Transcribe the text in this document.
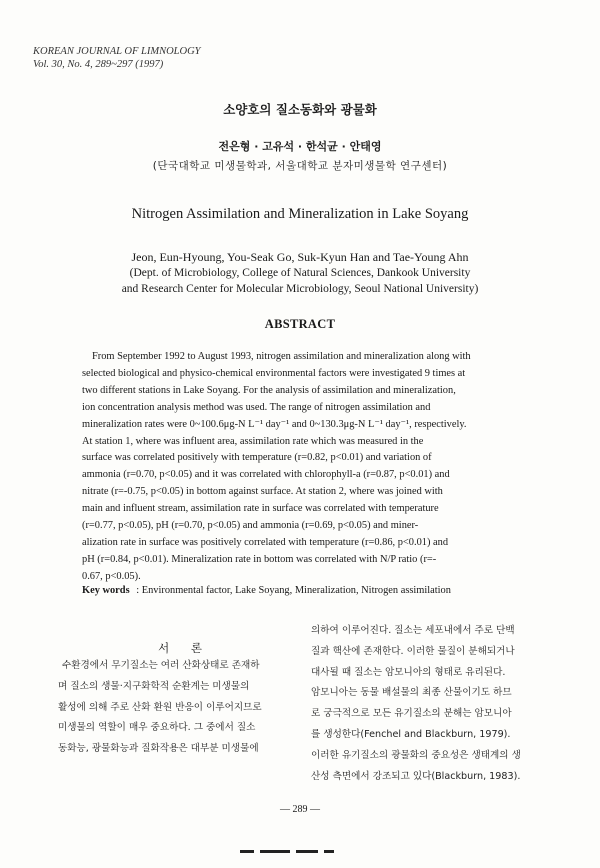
KOREAN JOURNAL OF LIMNOLOGY
Vol. 30, No. 4, 289~297 (1997)
소양호의 질소동화와 광물화
전은형 · 고유석 · 한석균 · 안태영
(단국대학교 미생물학과, 서울대학교 분자미생물학 연구센터)
Nitrogen Assimilation and Mineralization in Lake Soyang
Jeon, Eun-Hyoung, You-Seak Go, Suk-Kyun Han and Tae-Young Ahn
(Dept. of Microbiology, College of Natural Sciences, Dankook University
and Research Center for Molecular Microbiology, Seoul National University)
ABSTRACT
From September 1992 to August 1993, nitrogen assimilation and mineralization along with
selected biological and physico-chemical environmental factors were investigated 9 times at
two different stations in Lake Soyang. For the analysis of assimilation and mineralization,
ion concentration analysis method was used. The range of nitrogen assimilation and
mineralization rates were 0~100.6μg-N L⁻¹ day⁻¹ and 0~130.3μg-N L⁻¹ day⁻¹, respectively.
At station 1, where was influent area, assimilation rate which was measured in the
surface was correlated positively with temperature (r=0.82, p<0.01) and variation of
ammonia (r=0.70, p<0.05) and it was correlated with chlorophyll-a (r=0.87, p<0.01) and
nitrate (r=-0.75, p<0.05) in bottom against surface. At station 2, where was joined with
main and influent stream, assimilation rate in surface was correlated with temperature
(r=0.77, p<0.05), pH (r=0.70, p<0.05) and ammonia (r=0.69, p<0.05) and miner-
alization rate in surface was positively correlated with temperature (r=0.86, p<0.01) and
pH (r=0.84, p<0.01). Mineralization rate in bottom was correlated with N/P ratio (r=-
0.67, p<0.05).
Key words : Environmental factor, Lake Soyang, Mineralization, Nitrogen assimilation
서 론
수환경에서 무기질소는 여러 산화상태로 존재하
며 질소의 생물·지구화학적 순환계는 미생물의
활성에 의해 주로 산화 환원 반응이 이루어지므로
미생물의 역할이 매우 중요하다. 그 중에서 질소
동화능, 광물화능과 질화작용은 대부분 미생물에
의하여 이루어진다. 질소는 세포내에서 주로 단백
질과 핵산에 존재한다. 이러한 물질이 분해되거나
대사될 때 질소는 암모니아의 형태로 유리된다.
암모니아는 동물 배설물의 최종 산물이기도 하므
로 궁극적으로 모든 유기질소의 분해는 암모니아
를 생성한다(Fenchel and Blackburn, 1979).
이러한 유기질소의 광물화의 중요성은 생태계의 생
산성 측면에서 강조되고 있다(Blackburn, 1983).
— 289 —
